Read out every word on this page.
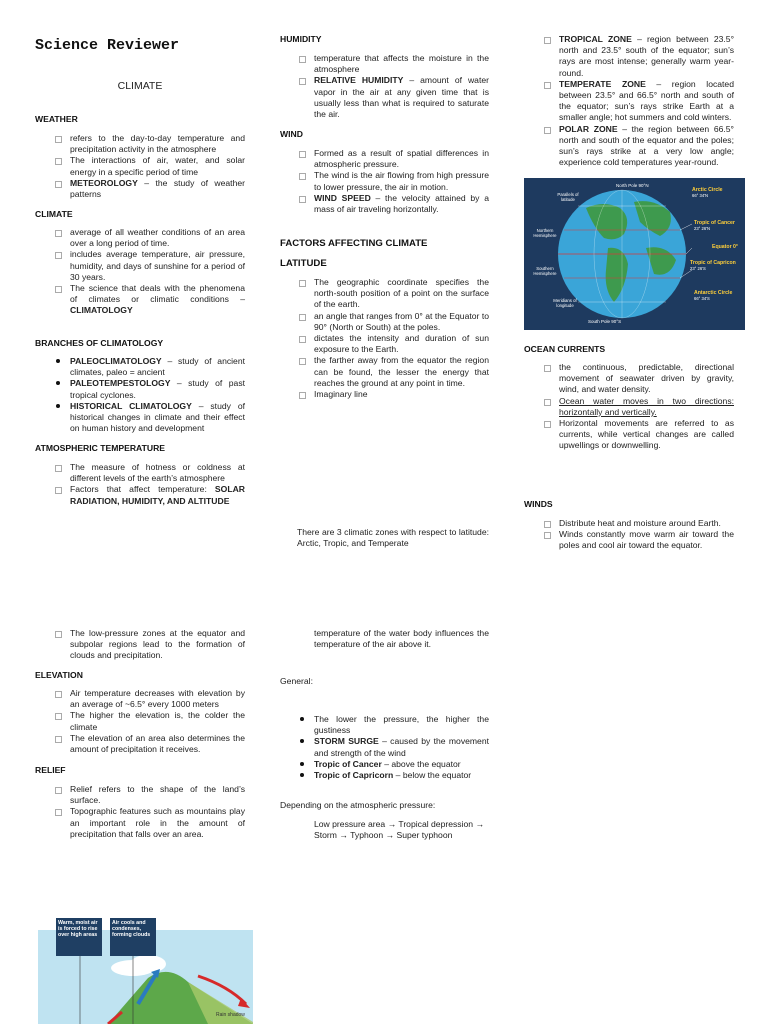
Science Reviewer
CLIMATE
WEATHER
refers to the day-to-day temperature and precipitation activity in the atmosphere
The interactions of air, water, and solar energy in a specific period of time
METEOROLOGY – the study of weather patterns
CLIMATE
average of all weather conditions of an area over a long period of time.
includes average temperature, air pressure, humidity, and days of sunshine for a period of 30 years.
The science that deals with the phenomena of climates or climatic conditions – CLIMATOLOGY
BRANCHES OF CLIMATOLOGY
PALEOCLIMATOLOGY – study of ancient climates, paleo = ancient
PALEOTEMPESTOLOGY – study of past tropical cyclones.
HISTORICAL CLIMATOLOGY – study of historical changes in climate and their effect on human history and development
ATMOSPHERIC TEMPERATURE
The measure of hotness or coldness at different levels of the earth’s atmosphere
Factors that affect temperature: SOLAR RADIATION, HUMIDITY, AND ALTITUDE
The low-pressure zones at the equator and subpolar regions lead to the formation of clouds and precipitation.
ELEVATION
Air temperature decreases with elevation by an average of ~6.5° every 1000 meters
The higher the elevation is, the colder the climate
The elevation of an area also determines the amount of precipitation it receives.
RELIEF
Relief refers to the shape of the land’s surface.
Topographic features such as mountains play an important role in the amount of precipitation that falls over an area.
Warm, moist air is forced to rise over high areas
Air cools and condenses, forming clouds
Rain shadow
HUMIDITY
temperature that affects the moisture in the atmosphere
RELATIVE HUMIDITY – amount of water vapor in the air at any given time that is usually less than what is required to saturate the air.
WIND
Formed as a result of spatial differences in atmospheric pressure.
The wind is the air flowing from high pressure to lower pressure, the air in motion.
WIND SPEED – the velocity attained by a mass of air traveling horizontally.
FACTORS AFFECTING CLIMATE
LATITUDE
The geographic coordinate specifies the north-south position of a point on the surface of the earth.
an angle that ranges from 0° at the Equator to 90° (North or South) at the poles.
dictates the intensity and duration of sun exposure to the Earth.
the farther away from the equator the region can be found, the lesser the energy that reaches the ground at any point in time.
Imaginary line
There are 3 climatic zones with respect to latitude: Arctic, Tropic, and Temperate
temperature of the water body influences the temperature of the air above it.
General:
The lower the pressure, the higher the gustiness
STORM SURGE – caused by the movement and strength of the wind
Tropic of Cancer – above the equator
Tropic of Capricorn – below the equator
Depending on the atmospheric pressure:
Low pressure area → Tropical depression → Storm → Typhoon → Super typhoon
TROPICAL ZONE – region between 23.5° north and 23.5° south of the equator; sun’s rays are most intense; generally warm year-round.
TEMPERATE ZONE – region located between 23.5° and 66.5° north and south of the equator; sun’s rays strike Earth at a smaller angle; hot summers and cold winters.
POLAR ZONE – the region between 66.5° north and south of the equator and the poles; sun’s rays strike at a very low angle; experience cold temperatures year-round.
North Pole 90°N
Parallels of latitude
Northern Hemisphere
Southern Hemisphere
Meridians of longitude
South Pole 90°S
Arctic Circle
66° 34'N
Tropic of Cancer
23° 26'N
Equator 0°
Tropic of Capricon
23° 26'S
Antarctic Circle
66° 34'S
OCEAN CURRENTS
the continuous, predictable, directional movement of seawater driven by gravity, wind, and water density.
Ocean water moves in two directions: horizontally and vertically.
Horizontal movements are referred to as currents, while vertical changes are called upwellings or downwelling.
WINDS
Distribute heat and moisture around Earth.
Winds constantly move warm air toward the poles and cool air toward the equator.
